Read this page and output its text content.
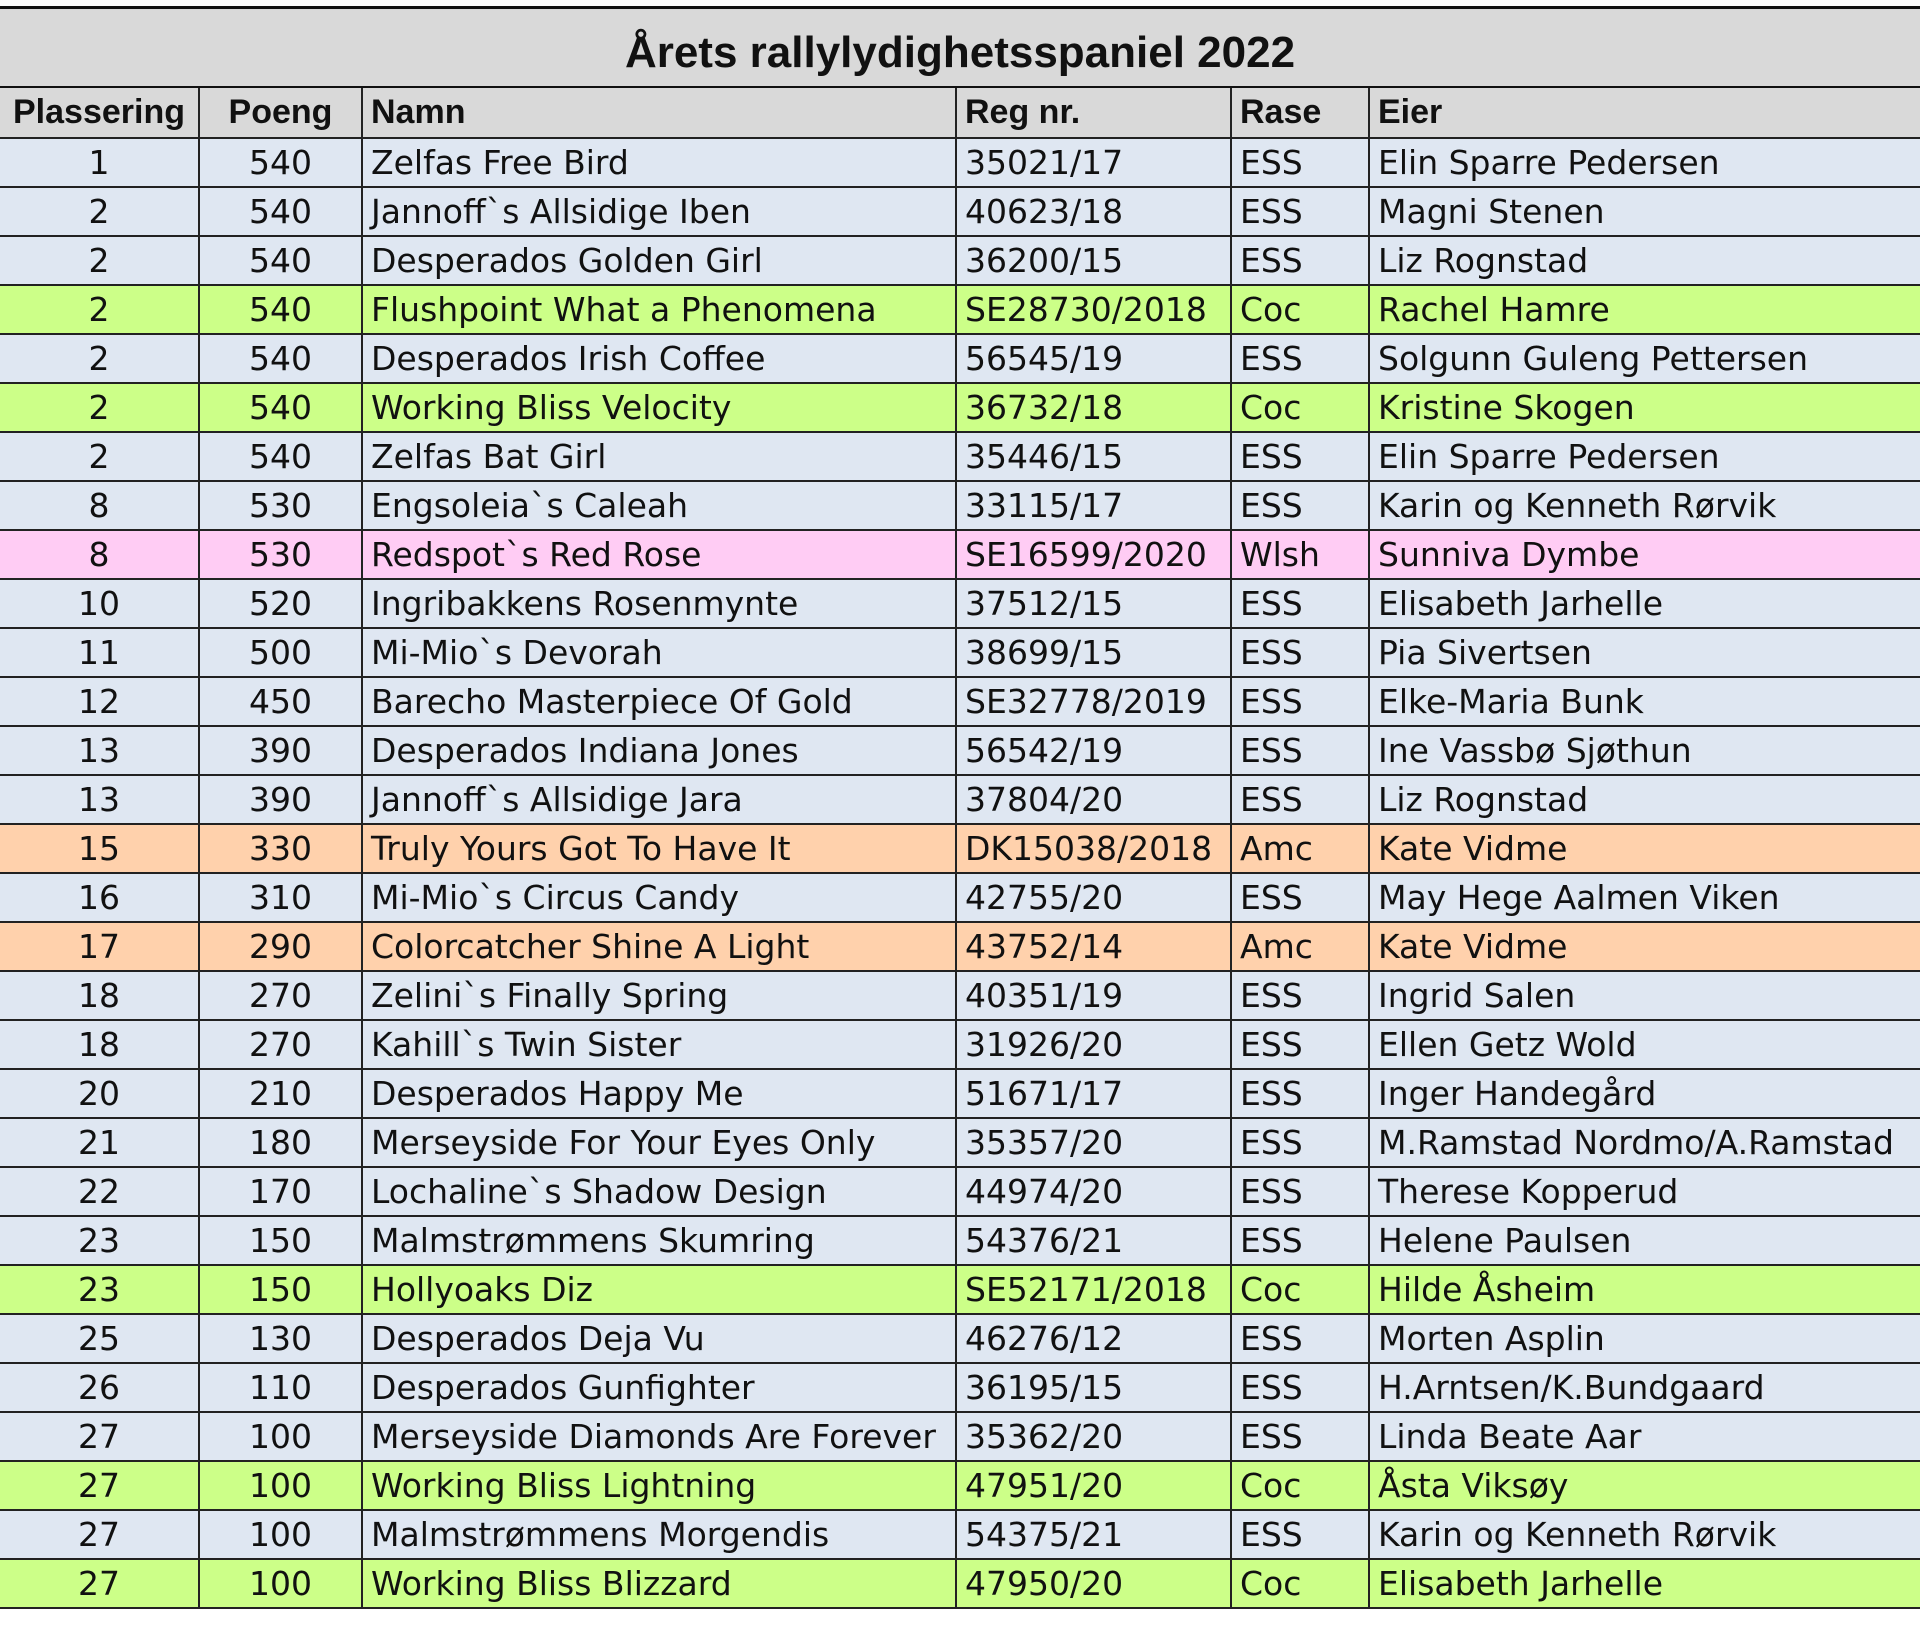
Årets rallylydighetsspaniel 2022
Plassering	Poeng	Namn	Reg nr.	Rase	Eier
1	540	Zelfas Free Bird	35021/17	ESS	Elin Sparre Pedersen
2	540	Jannoff`s Allsidige Iben	40623/18	ESS	Magni Stenen
2	540	Desperados Golden Girl	36200/15	ESS	Liz Rognstad
2	540	Flushpoint What a Phenomena	SE28730/2018	Coc	Rachel Hamre
2	540	Desperados Irish Coffee	56545/19	ESS	Solgunn Guleng Pettersen
2	540	Working Bliss Velocity	36732/18	Coc	Kristine Skogen
2	540	Zelfas Bat Girl	35446/15	ESS	Elin Sparre Pedersen
8	530	Engsoleia`s Caleah	33115/17	ESS	Karin og Kenneth Rørvik
8	530	Redspot`s Red Rose	SE16599/2020	Wlsh	Sunniva Dymbe
10	520	Ingribakkens Rosenmynte	37512/15	ESS	Elisabeth Jarhelle
11	500	Mi-Mio`s Devorah	38699/15	ESS	Pia Sivertsen
12	450	Barecho Masterpiece Of Gold	SE32778/2019	ESS	Elke-Maria Bunk
13	390	Desperados Indiana Jones	56542/19	ESS	Ine Vassbø Sjøthun
13	390	Jannoff`s Allsidige Jara	37804/20	ESS	Liz Rognstad
15	330	Truly Yours Got To Have It	DK15038/2018	Amc	Kate Vidme
16	310	Mi-Mio`s Circus Candy	42755/20	ESS	May Hege Aalmen Viken
17	290	Colorcatcher Shine A Light	43752/14	Amc	Kate Vidme
18	270	Zelini`s Finally Spring	40351/19	ESS	Ingrid Salen
18	270	Kahill`s Twin Sister	31926/20	ESS	Ellen Getz Wold
20	210	Desperados Happy Me	51671/17	ESS	Inger Handegård
21	180	Merseyside For Your Eyes Only	35357/20	ESS	M.Ramstad Nordmo/A.Ramstad
22	170	Lochaline`s Shadow Design	44974/20	ESS	Therese Kopperud
23	150	Malmstrømmens Skumring	54376/21	ESS	Helene Paulsen
23	150	Hollyoaks Diz	SE52171/2018	Coc	Hilde Åsheim
25	130	Desperados Deja Vu	46276/12	ESS	Morten Asplin
26	110	Desperados Gunfighter	36195/15	ESS	H.Arntsen/K.Bundgaard
27	100	Merseyside Diamonds Are Forever	35362/20	ESS	Linda Beate Aar
27	100	Working Bliss Lightning	47951/20	Coc	Åsta Viksøy
27	100	Malmstrømmens Morgendis	54375/21	ESS	Karin og Kenneth Rørvik
27	100	Working Bliss Blizzard	47950/20	Coc	Elisabeth Jarhelle
